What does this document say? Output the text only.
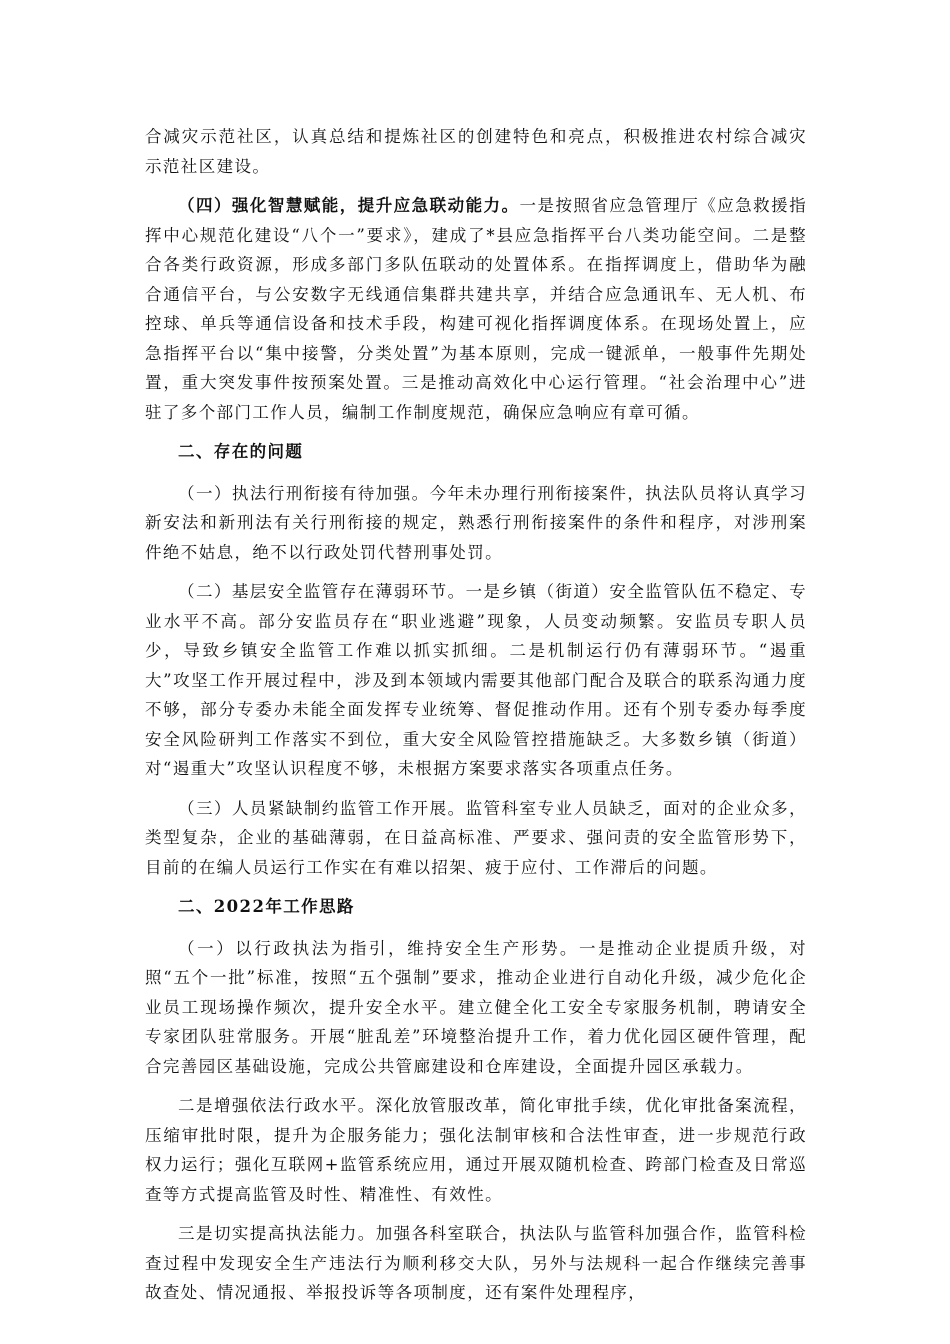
合减灾示范社区，认真总结和提炼社区的创建特色和亮点，积极推进农村综合减灾示范社区建设。

（四）强化智慧赋能，提升应急联动能力。一是按照省应急管理厅《应急救援指挥中心规范化建设“八个一”要求》，建成了*县应急指挥平台八类功能空间。二是整合各类行政资源，形成多部门多队伍联动的处置体系。在指挥调度上，借助华为融合通信平台，与公安数字无线通信集群共建共享，并结合应急通讯车、无人机、布控球、单兵等通信设备和技术手段，构建可视化指挥调度体系。在现场处置上，应急指挥平台以“集中接警，分类处置”为基本原则，完成一键派单，一般事件先期处置，重大突发事件按预案处置。三是推动高效化中心运行管理。“社会治理中心”进驻了多个部门工作人员，编制工作制度规范，确保应急响应有章可循。

二、存在的问题

（一）执法行刑衔接有待加强。今年未办理行刑衔接案件，执法队员将认真学习新安法和新刑法有关行刑衔接的规定，熟悉行刑衔接案件的条件和程序，对涉刑案件绝不姑息，绝不以行政处罚代替刑事处罚。

（二）基层安全监管存在薄弱环节。一是乡镇（街道）安全监管队伍不稳定、专业水平不高。部分安监员存在“职业逃避”现象，人员变动频繁。安监员专职人员少，导致乡镇安全监管工作难以抓实抓细。二是机制运行仍有薄弱环节。“遏重大”攻坚工作开展过程中，涉及到本领域内需要其他部门配合及联合的联系沟通力度不够，部分专委办未能全面发挥专业统筹、督促推动作用。还有个别专委办每季度安全风险研判工作落实不到位，重大安全风险管控措施缺乏。大多数乡镇（街道）对“遏重大”攻坚认识程度不够，未根据方案要求落实各项重点任务。

（三）人员紧缺制约监管工作开展。监管科室专业人员缺乏，面对的企业众多，类型复杂，企业的基础薄弱，在日益高标准、严要求、强问责的安全监管形势下，目前的在编人员运行工作实在有难以招架、疲于应付、工作滞后的问题。

二、2022年工作思路

（一）以行政执法为指引，维持安全生产形势。一是推动企业提质升级，对照“五个一批”标准，按照“五个强制”要求，推动企业进行自动化升级，减少危化企业员工现场操作频次，提升安全水平。建立健全化工安全专家服务机制，聘请安全专家团队驻常服务。开展“脏乱差”环境整治提升工作，着力优化园区硬件管理，配合完善园区基础设施，完成公共管廊建设和仓库建设，全面提升园区承载力。

二是增强依法行政水平。深化放管服改革，简化审批手续，优化审批备案流程，压缩审批时限，提升为企服务能力；强化法制审核和合法性审查，进一步规范行政权力运行；强化互联网+监管系统应用，通过开展双随机检查、跨部门检查及日常巡查等方式提高监管及时性、精准性、有效性。

三是切实提高执法能力。加强各科室联合，执法队与监管科加强合作，监管科检查过程中发现安全生产违法行为顺利移交大队，另外与法规科一起合作继续完善事故查处、情况通报、举报投诉等各项制度，还有案件处理程序，
